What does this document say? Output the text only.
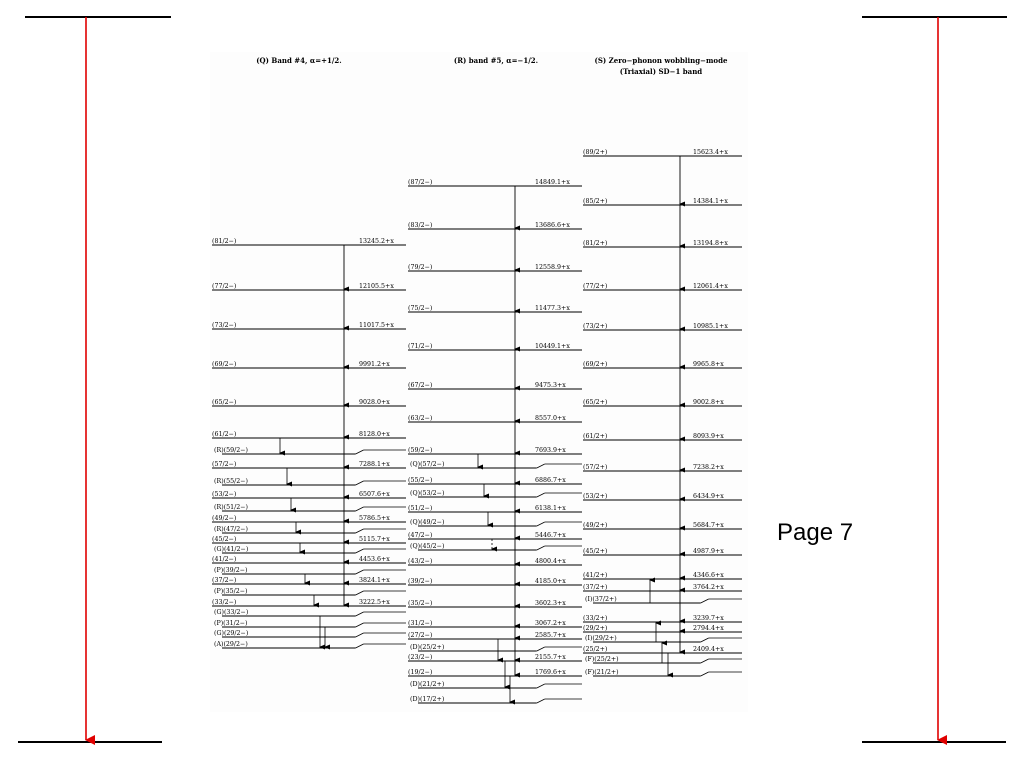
(Q) Band #4, α=+1/2.	(R) band #5, α=−1/2.	(S) Zero−phonon wobbling−mode
(Triaxial) SD−1 band
(81/2−)	13245.2+x
(77/2−)	12105.5+x
(73/2−)	11017.5+x
(69/2−)	9991.2+x
(65/2−)	9028.0+x
(61/2−)	8128.0+x
(R)(59/2−)
(57/2−)	7288.1+x
(R)(55/2−)
(53/2−)	6507.6+x
(R)(51/2−)
(49/2−)	5786.5+x
(R)(47/2−)
(45/2−)	5115.7+x
(G)(41/2−)
(41/2−)	4453.6+x
(P)(39/2−)
(37/2−)	3824.1+x
(P)(35/2−)
(33/2−)	3222.5+x
(G)(33/2−)
(P)(31/2−)
(G)(29/2−)
(A)(29/2−)
(87/2−)	14849.1+x
(83/2−)	13686.6+x
(79/2−)	12558.9+x
(75/2−)	11477.3+x
(71/2−)	10449.1+x
(67/2−)	9475.3+x
(63/2−)	8557.0+x
(59/2−)	7693.9+x
(Q)(57/2−)
(55/2−)	6886.7+x
(Q)(53/2−)
(51/2−)	6138.1+x
(Q)(49/2−)
(47/2−)	5446.7+x
(Q)(45/2−)
(43/2−)	4800.4+x
(39/2−)	4185.0+x
(35/2−)	3602.3+x
(31/2−)	3067.2+x
(27/2−)	2585.7+x
(D)(25/2+)
(23/2−)	2155.7+x
(19/2−)	1769.6+x
(D)(21/2+)
(D)(17/2+)
(89/2+)	15623.4+x
(85/2+)	14384.1+x
(81/2+)	13194.8+x
(77/2+)	12061.4+x
(73/2+)	10985.1+x
(69/2+)	9965.8+x
(65/2+)	9002.8+x
(61/2+)	8093.9+x
(57/2+)	7238.2+x
(53/2+)	6434.9+x
(49/2+)	5684.7+x
(45/2+)	4987.9+x
(41/2+)	4346.6+x
(37/2+)	3764.2+x
(I)(37/2+)
(33/2+)	3239.7+x
(29/2+)	2794.4+x
(I)(29/2+)
(25/2+)	2409.4+x
(F)(25/2+)
(F)(21/2+)
Page 7
